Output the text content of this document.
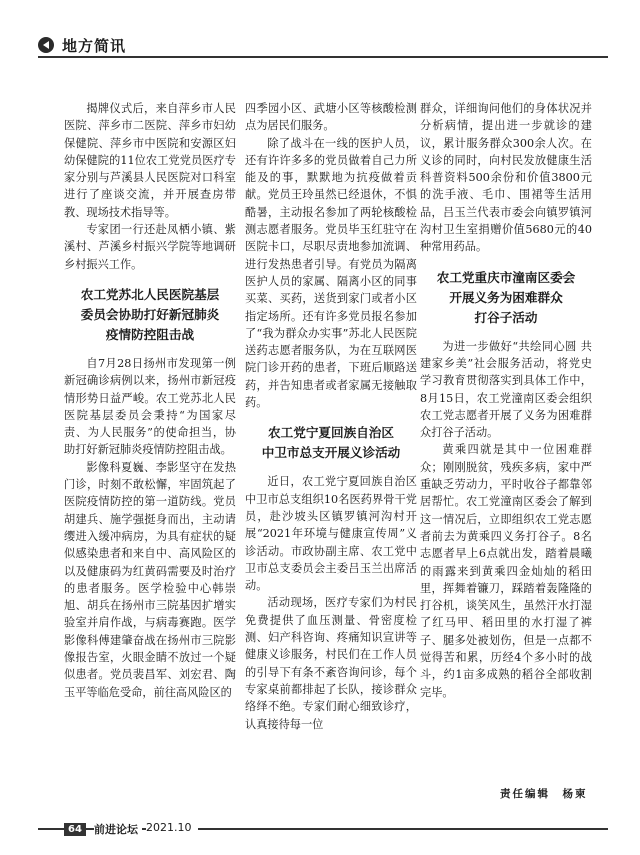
地方简讯

揭牌仪式后，来自萍乡市人民医院、萍乡市二医院、萍乡市妇幼保健院、萍乡市中医院和安源区妇幼保健院的11位农工党党员医疗专家分别与芦溪县人民医院对口科室进行了座谈交流，并开展查房带教、现场技术指导等。

专家团一行还赴凤栖小镇、紫溪村、芦溪乡村振兴学院等地调研乡村振兴工作。

农工党苏北人民医院基层
委员会协助打好新冠肺炎
疫情防控阻击战

自7月28日扬州市发现第一例新冠确诊病例以来，扬州市新冠疫情形势日益严峻。农工党苏北人民医院基层委员会秉持“为国家尽责、为人民服务”的使命担当，协助打好新冠肺炎疫情防控阻击战。

影像科夏巍、李影坚守在发热门诊，时刻不敢松懈，牢固筑起了医院疫情防控的第一道防线。党员胡建兵、施学强挺身而出，主动请缨进入缓冲病房，为具有症状的疑似感染患者和来自中、高风险区的以及健康码为红黄码需要及时治疗的患者服务。医学检验中心韩崇旭、胡兵在扬州市三院基因扩增实验室并肩作战，与病毒赛跑。医学影像科傅建肇奋战在扬州市三院影像报告室，火眼金睛不放过一个疑似患者。党员裴昌军、刘宏君、陶玉平等临危受命，前往高风险区的

四季园小区、武塘小区等核酸检测点为居民们服务。

除了战斗在一线的医护人员，还有许许多多的党员做着自己力所能及的事，默默地为抗疫做着贡献。党员王玲虽然已经退休，不惧酷暑，主动报名参加了两轮核酸检测志愿者服务。党员毕玉红驻守在医院卡口，尽职尽责地参加流调、进行发热患者引导。有党员为隔离医护人员的家属、隔离小区的同事买菜、买药，送货到家门或者小区指定场所。还有许多党员报名参加了“我为群众办实事”苏北人民医院送药志愿者服务队，为在互联网医院门诊开药的患者，下班后顺路送药，并告知患者或者家属无接触取药。

农工党宁夏回族自治区
中卫市总支开展义诊活动

近日，农工党宁夏回族自治区中卫市总支组织10名医药界骨干党员，赴沙坡头区镇罗镇河沟村开展“2021年环境与健康宣传周”义诊活动。市政协副主席、农工党中卫市总支委员会主委吕玉兰出席活动。

活动现场，医疗专家们为村民免费提供了血压测量、骨密度检测、妇产科咨询、疼痛知识宣讲等健康义诊服务，村民们在工作人员的引导下有条不紊咨询问诊，每个专家桌前都排起了长队，接诊群众络绎不绝。专家们耐心细致诊疗，认真接待每一位

群众，详细询问他们的身体状况并分析病情，提出进一步就诊的建议，累计服务群众300余人次。在义诊的同时，向村民发放健康生活科普资料500余份和价值3800元的洗手液、毛巾、围裙等生活用品，吕玉兰代表市委会向镇罗镇河沟村卫生室捐赠价值5680元的40种常用药品。

农工党重庆市潼南区委会
开展义务为困难群众
打谷子活动

为进一步做好“共绘同心圆 共建家乡美”社会服务活动，将党史学习教育贯彻落实到具体工作中，8月15日，农工党潼南区委会组织农工党志愿者开展了义务为困难群众打谷子活动。

黄乘四就是其中一位困难群众；刚刚脱贫，残疾多病，家中严重缺乏劳动力，平时收谷子都靠邻居帮忙。农工党潼南区委会了解到这一情况后，立即组织农工党志愿者前去为黄乘四义务打谷子。8名志愿者早上6点就出发，踏着晨曦的雨露来到黄乘四金灿灿的稻田里，挥舞着镰刀，踩踏着轰隆隆的打谷机，谈笑风生，虽然汗水打湿了红马甲、稻田里的水打湿了裤子、腿多处被划伤，但是一点都不觉得苦和累，历经4个多小时的战斗，约1亩多成熟的稻谷全部收割完毕。

责任编辑　杨柬
64	前进论坛 2021.10
